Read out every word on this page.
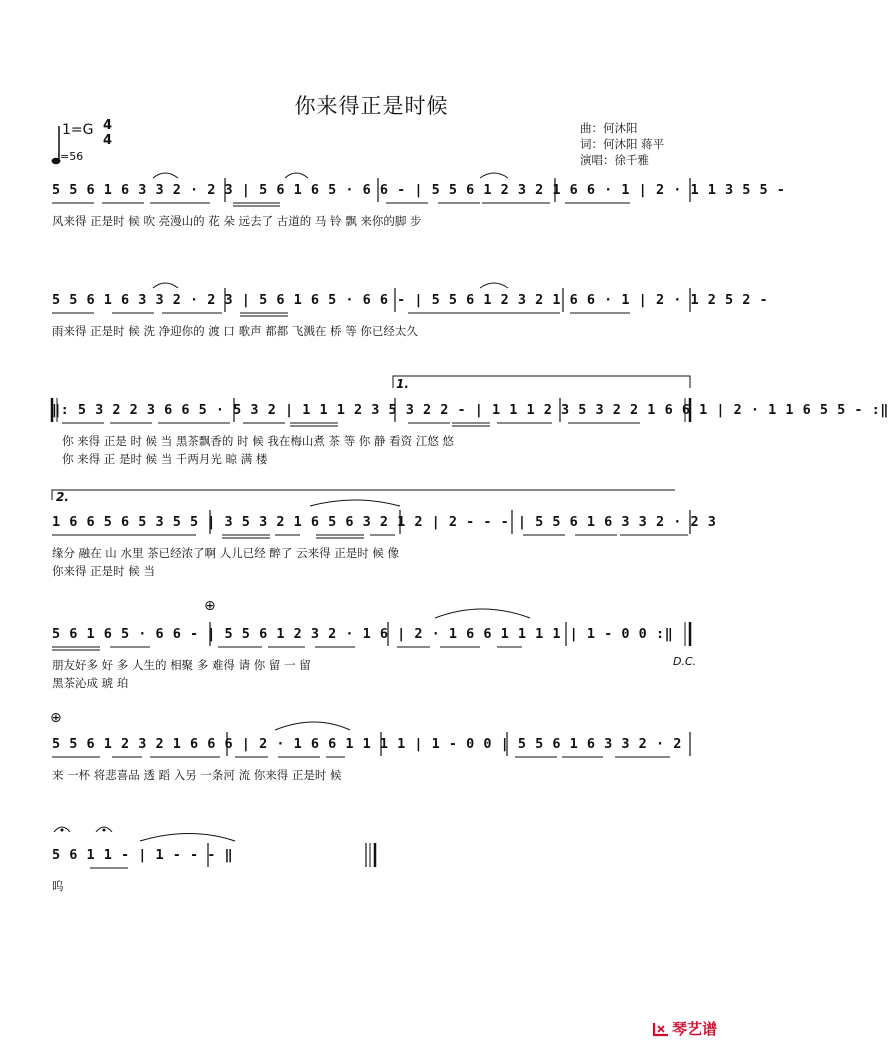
你来得正是时候
曲：何沐阳
词：何沐阳 蒋平
演唱：徐千雅
1=G 4
4
=56
5 5 6 1 6 3 3 2 · 2 3 | 5 6 1 6 5 · 6 6 - | 5 5 6 1 2 3 2 1 6 6 · 1 | 2 · 1 1 3 5 5 -
风来得 正是时 候 吹 亮漫山的 花 朵 远去了 古道的 马 铃 飘 来你的脚 步
5 5 6 1 6 3 3 2 · 2 3 | 5 6 1 6 5 · 6 6 - | 5 5 6 1 2 3 2 1 6 6 · 1 | 2 · 1 2 5 2 -
雨来得 正是时 候 洗 净迎你的 渡 口 歌声 都都 飞溅在 桥 等 你已经太久
1.
‖: 5 3 2 2 3 6 6 5 · 5 3 2 | 1 1 1 2 3 5 3 2 2 - | 1 1 1 2 3 5 3 2 2 1 6 6 1 | 2 · 1 1 6 5 5 - :‖
你 来得 正是 时 候 当 黑茶飘香的 时 候 我在梅山煮 茶 等 你 静 看资 江悠 悠
你 来得 正 是时 候 当 千两月光 晾 满 楼
2.
1 6 6 5 6 5 3 5 5 | 3 5 3 2 1 6 5 6 3 2 1 2 | 2 - - - | 5 5 6 1 6 3 3 2 · 2 3
缘分 融在 山 水里 茶已经浓了啊 人儿已经 醉了 云来得 正是时 候 像
你来得 正是时 候 当
⊕
5 6 1 6 5 · 6 6 - | 5 5 6 1 2 3 2 · 1 6 | 2 · 1 6 6 1 1 1 1 | 1 - 0 0 :‖
朋友好多 好 多 人生的 相聚 多 难得 请 你 留 一 留
黑茶沁成 琥 珀
D.C.
⊕
5 5 6 1 2 3 2 1 6 6 6 | 2 · 1 6 6 1 1 1 1 | 1 - 0 0 | 5 5 6 1 6 3 3 2 · 2
来 一杯 将悲喜品 透 蹈 入另 一条河 流 你来得 正是时 候
5 6 1 1 - | 1 - - - ‖
呜
琴艺谱
